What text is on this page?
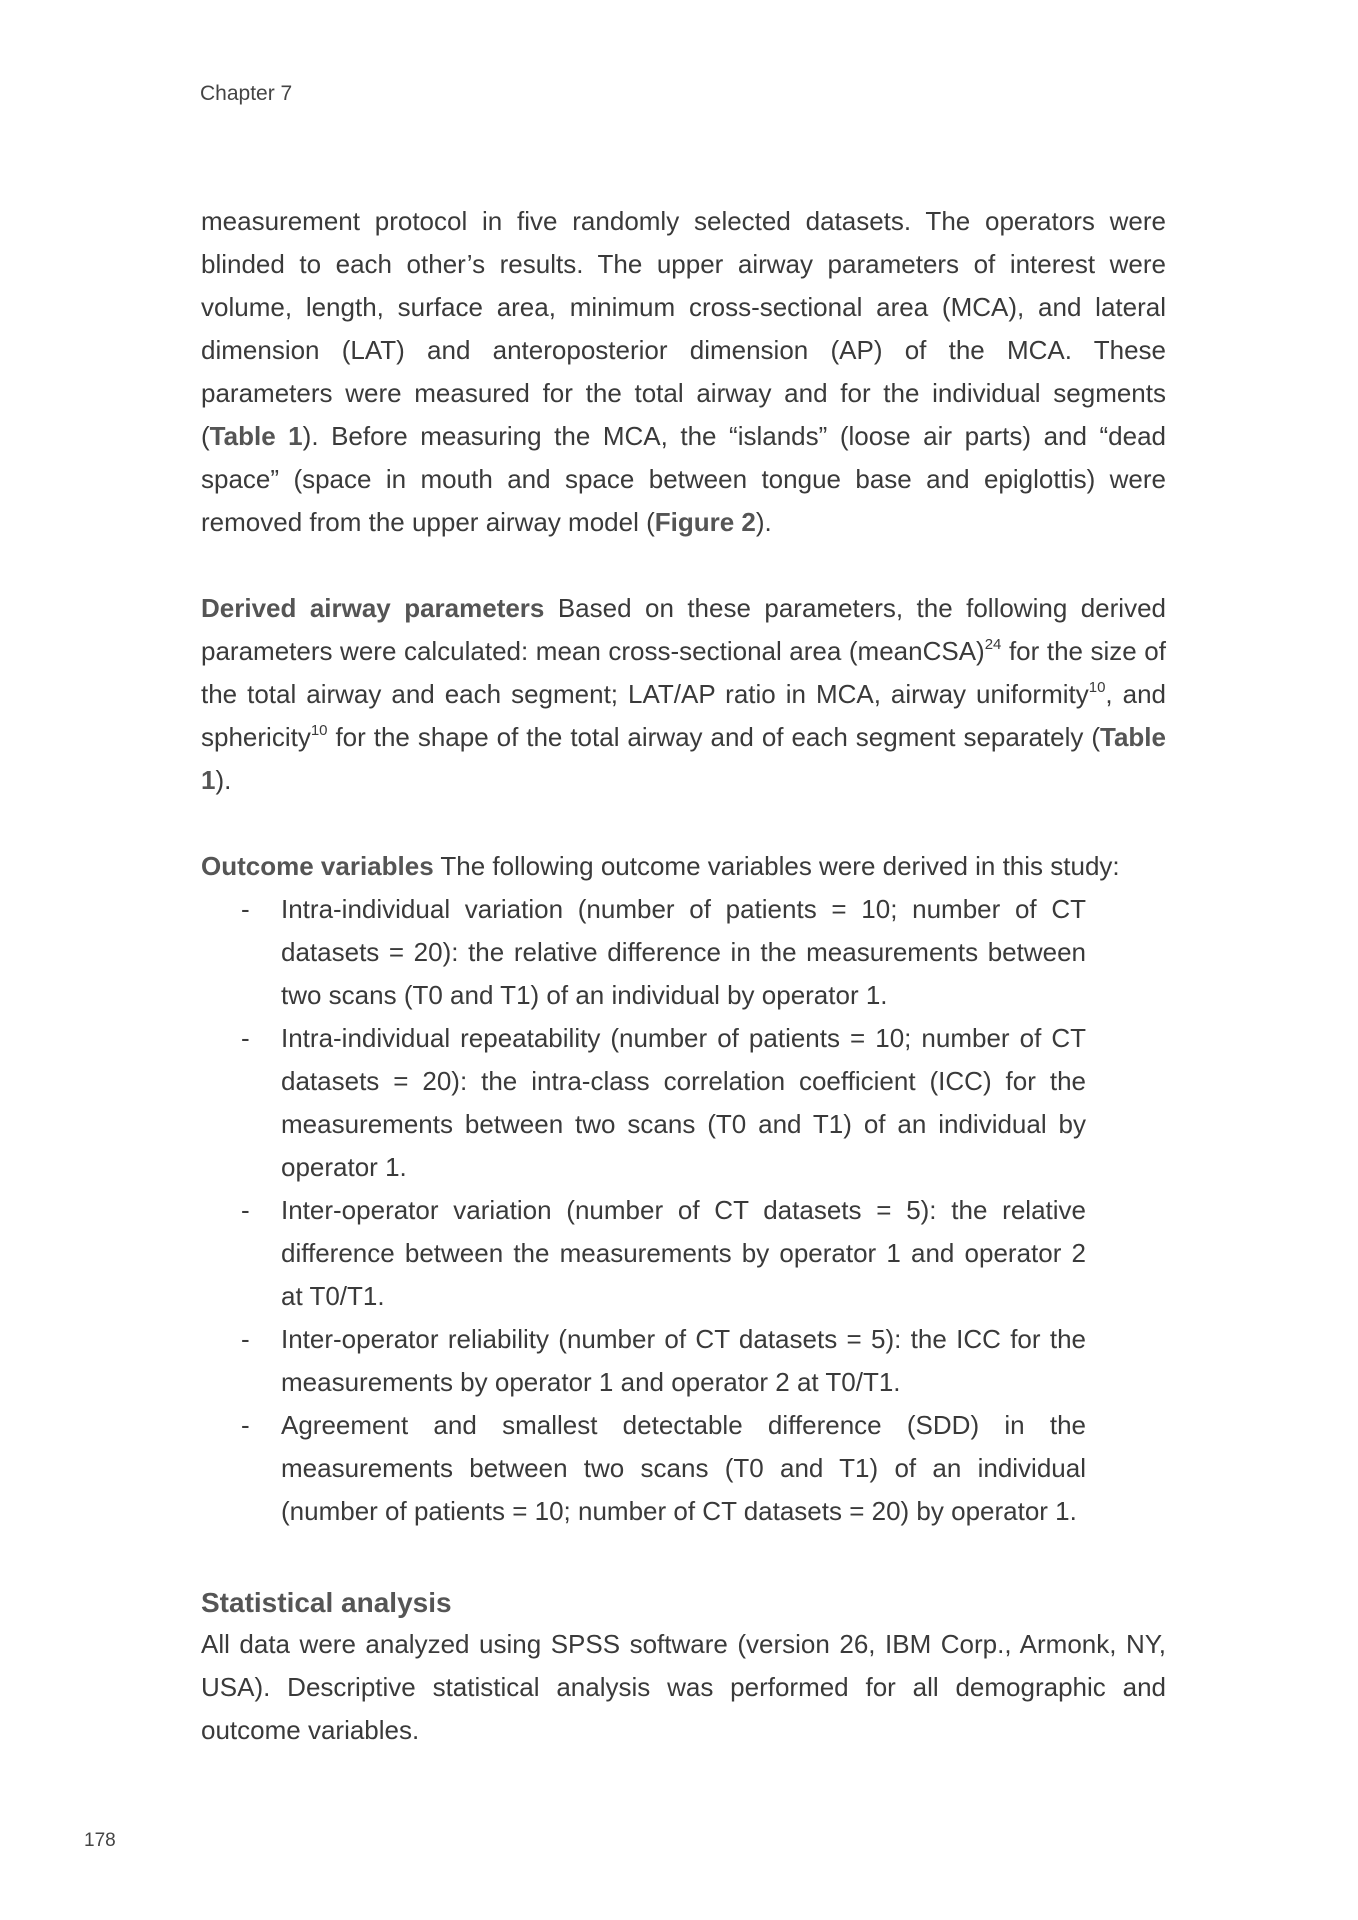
Chapter 7

measurement protocol in five randomly selected datasets. The operators were blinded to each other’s results. The upper airway parameters of interest were volume, length, surface area, minimum cross-sectional area (MCA), and lateral dimension (LAT) and anteroposterior dimension (AP) of the MCA. These parameters were measured for the total airway and for the individual segments (Table 1). Before measuring the MCA, the “islands” (loose air parts) and “dead space” (space in mouth and space between tongue base and epiglottis) were removed from the upper airway model (Figure 2).

Derived airway parameters Based on these parameters, the following derived parameters were calculated: mean cross-sectional area (meanCSA)$^{24}$ for the size of the total airway and each segment; LAT/AP ratio in MCA, airway uniformity$^{10}$, and sphericity$^{10}$ for the shape of the total airway and of each segment separately (Table 1).

Outcome variables The following outcome variables were derived in this study:

- Intra-individual variation (number of patients = 10; number of CT datasets = 20): the relative difference in the measurements between two scans (T0 and T1) of an individual by operator 1.
- Intra-individual repeatability (number of patients = 10; number of CT datasets = 20): the intra-class correlation coefficient (ICC) for the measurements between two scans (T0 and T1) of an individual by operator 1.
- Inter-operator variation (number of CT datasets = 5): the relative difference between the measurements by operator 1 and operator 2 at T0/T1.
- Inter-operator reliability (number of CT datasets = 5): the ICC for the measurements by operator 1 and operator 2 at T0/T1.
- Agreement and smallest detectable difference (SDD) in the measurements between two scans (T0 and T1) of an individual (number of patients = 10; number of CT datasets = 20) by operator 1.
Statistical analysis

All data were analyzed using SPSS software (version 26, IBM Corp., Armonk, NY, USA). Descriptive statistical analysis was performed for all demographic and outcome variables.

178
